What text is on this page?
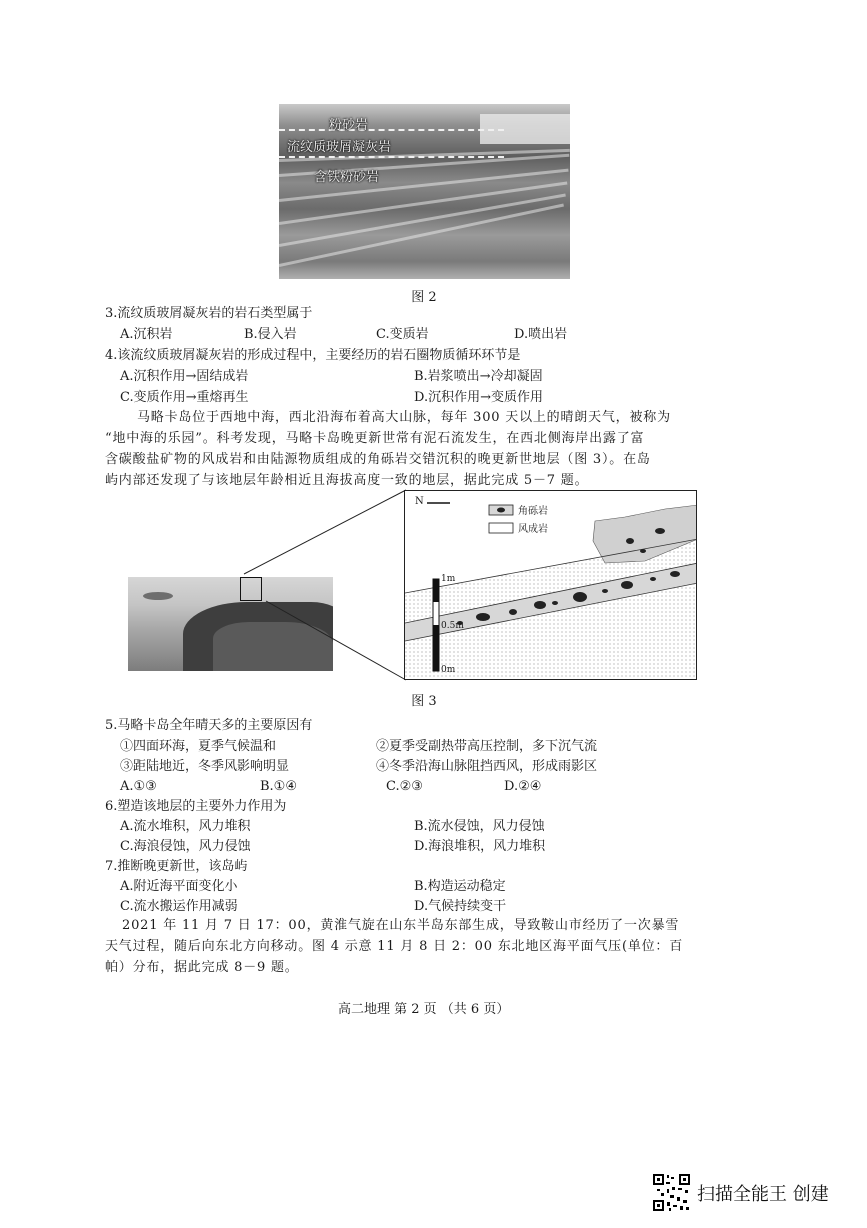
粉砂岩
流纹质玻屑凝灰岩
含铁粉砂岩
图 2
3.流纹质玻屑凝灰岩的岩石类型属于
A.沉积岩	B.侵入岩	C.变质岩	D.喷出岩
4.该流纹质玻屑凝灰岩的形成过程中，主要经历的岩石圈物质循环环节是
A.沉积作用→固结成岩	B.岩浆喷出→冷却凝固
C.变质作用→重熔再生	D.沉积作用→变质作用
马略卡岛位于西地中海，西北沿海布着高大山脉，每年 300 天以上的晴朗天气，被称为
“地中海的乐园”。科考发现，马略卡岛晚更新世常有泥石流发生，在西北侧海岸出露了富
含碳酸盐矿物的风成岩和由陆源物质组成的角砾岩交错沉积的晚更新世地层（图 3）。在岛
屿内部还发现了与该地层年龄相近且海拔高度一致的地层，据此完成 5－7 题。
N
角砾岩
风成岩
1m
0.5m
0m
图 3
5.马略卡岛全年晴天多的主要原因有
①四面环海，夏季气候温和	②夏季受副热带高压控制，多下沉气流
③距陆地近，冬季风影响明显	④冬季沿海山脉阻挡西风，形成雨影区
A.①③	B.①④	C.②③	D.②④
6.塑造该地层的主要外力作用为
A.流水堆积，风力堆积	B.流水侵蚀，风力侵蚀
C.海浪侵蚀，风力侵蚀	D.海浪堆积，风力堆积
7.推断晚更新世，该岛屿
A.附近海平面变化小	B.构造运动稳定
C.流水搬运作用减弱	D.气候持续变干
2021 年 11 月 7 日 17：00，黄淮气旋在山东半岛东部生成，导致鞍山市经历了一次暴雪
天气过程，随后向东北方向移动。图 4 示意 11 月 8 日 2：00 东北地区海平面气压(单位：百
帕）分布，据此完成 8－9 题。
高二地理 第 2 页 （共 6 页）
扫描全能王 创建
